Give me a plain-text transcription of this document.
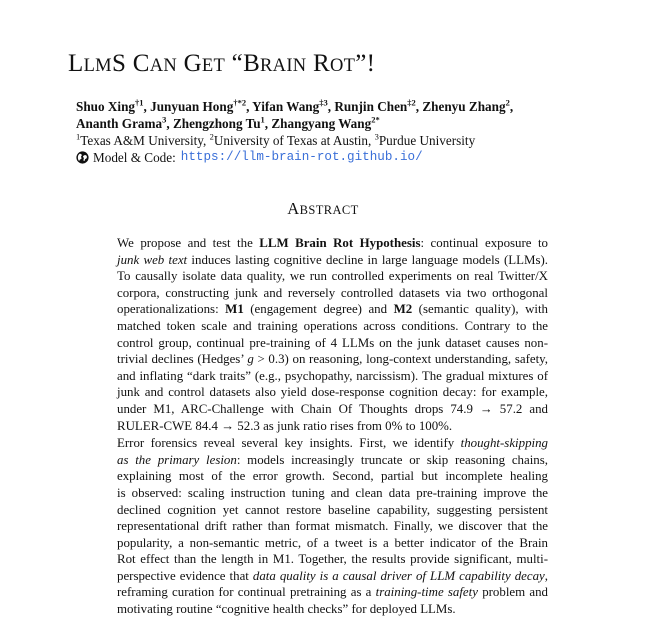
LLMS CAN GET “BRAIN ROT”!
Shuo Xing$^{\dagger 1}$, Junyuan Hong$^{\dagger*2}$, Yifan Wang$^{\ddagger 3}$, Runjin Chen$^{\ddagger 2}$, Zhenyu Zhang$^2$,
Ananth Grama$^3$, Zhengzhong Tu$^1$, Zhangyang Wang$^{2*}$
$^1$Texas A&M University, $^2$University of Texas at Austin, $^3$Purdue University
Model & Code: https://llm-brain-rot.github.io/
ABSTRACT

We propose and test the LLM Brain Rot Hypothesis: continual exposure to
junk web text induces lasting cognitive decline in large language models (LLMs).
To causally isolate data quality, we run controlled experiments on real Twitter/X
corpora, constructing junk and reversely controlled datasets via two orthogonal
operationalizations: M1 (engagement degree) and M2 (semantic quality), with
matched token scale and training operations across conditions. Contrary to the
control group, continual pre-training of 4 LLMs on the junk dataset causes non-
trivial declines (Hedges’ g > 0.3) on reasoning, long-context understanding, safety,
and inflating “dark traits” (e.g., psychopathy, narcissism). The gradual mixtures of
junk and control datasets also yield dose-response cognition decay: for example,
under M1, ARC-Challenge with Chain Of Thoughts drops 74.9 → 57.2 and
RULER-CWE 84.4 → 52.3 as junk ratio rises from 0% to 100%.

Error forensics reveal several key insights. First, we identify thought-skipping
as the primary lesion: models increasingly truncate or skip reasoning chains,
explaining most of the error growth. Second, partial but incomplete healing
is observed: scaling instruction tuning and clean data pre-training improve the
declined cognition yet cannot restore baseline capability, suggesting persistent
representational drift rather than format mismatch. Finally, we discover that the
popularity, a non-semantic metric, of a tweet is a better indicator of the Brain
Rot effect than the length in M1. Together, the results provide significant, multi-
perspective evidence that data quality is a causal driver of LLM capability decay,
reframing curation for continual pretraining as a training-time safety problem and
motivating routine “cognitive health checks” for deployed LLMs.
